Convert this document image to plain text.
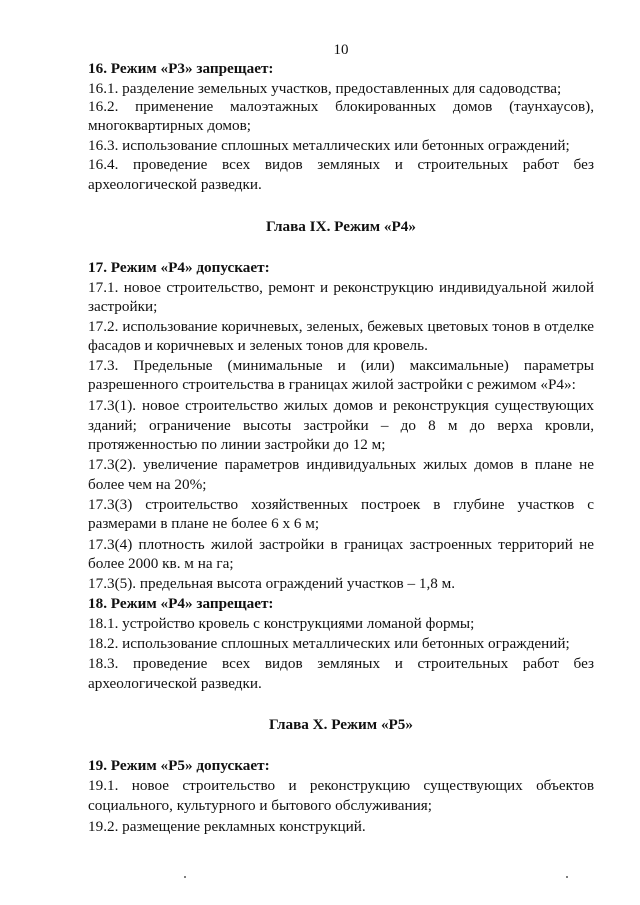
10
16. Режим «Р3» запрещает:
16.1. разделение земельных участков, предоставленных для садоводства;
16.2. применение малоэтажных блокированных домов (таунхаусов),
многоквартирных домов;
16.3. использование сплошных металлических или бетонных ограждений;
16.4. проведение всех видов земляных и строительных работ без
археологической разведки.
Глава IX. Режим «Р4»
17. Режим «Р4» допускает:
17.1. новое строительство, ремонт и реконструкцию индивидуальной жилой
застройки;
17.2. использование коричневых, зеленых, бежевых цветовых тонов в отделке
фасадов и коричневых и зеленых тонов для кровель.
17.3. Предельные (минимальные и (или) максимальные) параметры
разрешенного строительства в границах жилой застройки с режимом «Р4»:
17.3(1). новое строительство жилых домов и реконструкция существующих
зданий; ограничение высоты застройки – до 8 м до верха кровли,
протяженностью по линии застройки до 12 м;
17.3(2). увеличение параметров индивидуальных жилых домов в плане не
более чем на 20%;
17.3(3) строительство хозяйственных построек в глубине участков с
размерами в плане не более 6 х 6 м;
17.3(4) плотность жилой застройки в границах застроенных территорий не
более 2000 кв. м на га;
17.3(5). предельная высота ограждений участков – 1,8 м.
18. Режим «Р4» запрещает:
18.1. устройство кровель с конструкциями ломаной формы;
18.2. использование сплошных металлических или бетонных ограждений;
18.3. проведение всех видов земляных и строительных работ без
археологической разведки.
Глава X. Режим «Р5»
19. Режим «Р5» допускает:
19.1. новое строительство и реконструкцию существующих объектов
социального, культурного и бытового обслуживания;
19.2. размещение рекламных конструкций.
